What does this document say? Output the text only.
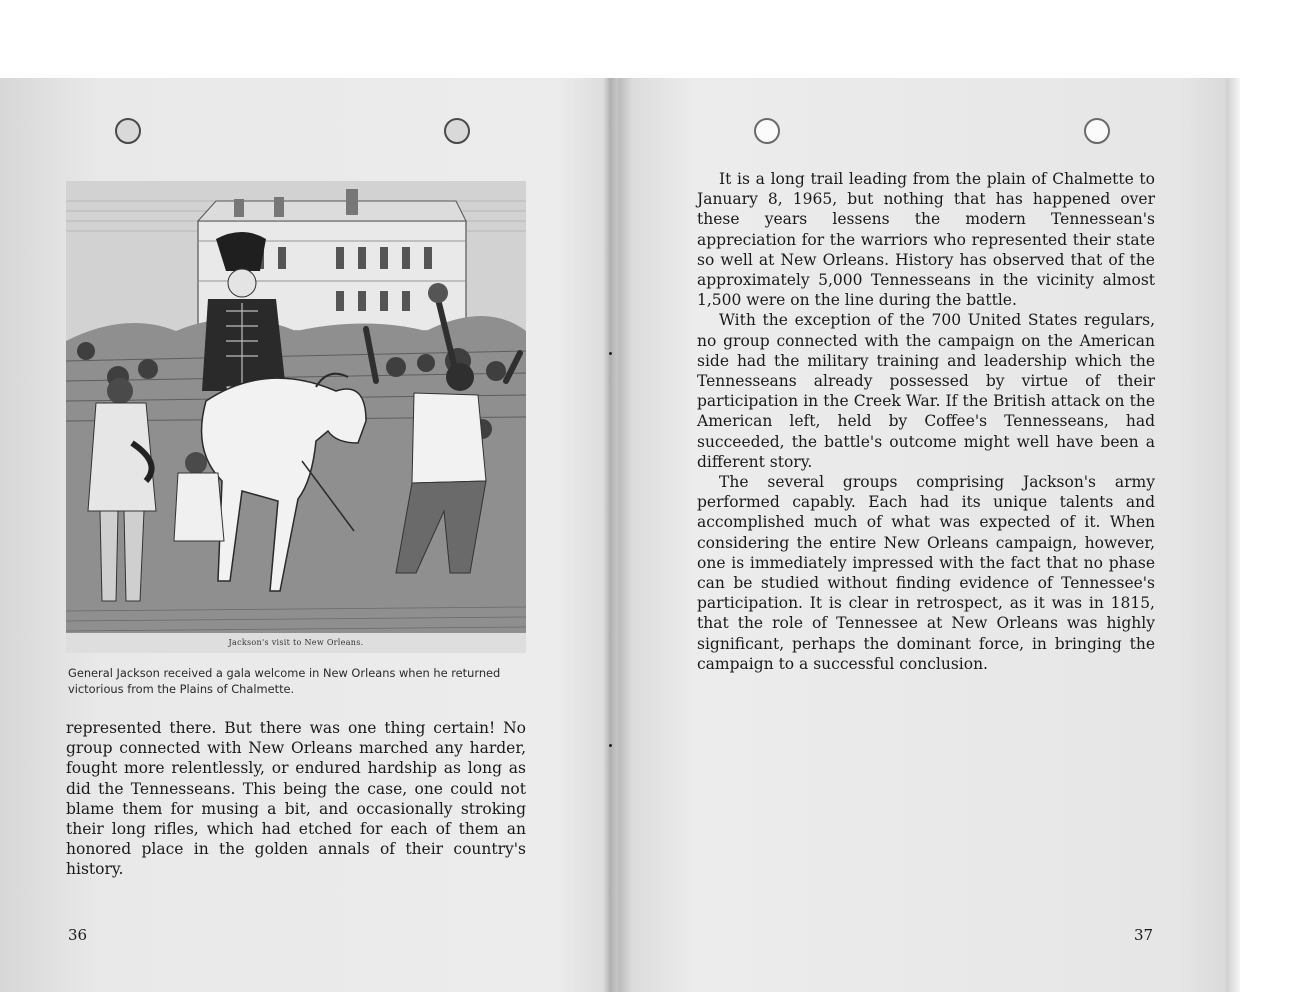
Jackson's visit to New Orleans.
General Jackson received a gala welcome in New Orleans when he returned victorious from the Plains of Chalmette.

represented there. But there was one thing certain! No group connected with New Orleans marched any harder, fought more relentlessly, or endured hardship as long as did the Tennesseans. This being the case, one could not blame them for musing a bit, and occasionally stroking their long rifles, which had etched for each of them an honored place in the golden annals of their country's history.

36

It is a long trail leading from the plain of Chalmette to January 8, 1965, but nothing that has happened over these years lessens the modern Tennessean's appreciation for the warriors who represented their state so well at New Orleans. History has observed that of the approximately 5,000 Tennesseans in the vicinity almost 1,500 were on the line during the battle.

With the exception of the 700 United States regulars, no group connected with the campaign on the American side had the military training and leadership which the Tennesseans already possessed by virtue of their participation in the Creek War. If the British attack on the American left, held by Coffee's Tennesseans, had succeeded, the battle's outcome might well have been a different story.

The several groups comprising Jackson's army performed capably. Each had its unique talents and accomplished much of what was expected of it. When considering the entire New Orleans campaign, however, one is immediately impressed with the fact that no phase can be studied without finding evidence of Tennessee's participation. It is clear in retrospect, as it was in 1815, that the role of Tennessee at New Orleans was highly significant, perhaps the dominant force, in bringing the campaign to a successful conclusion.

37
